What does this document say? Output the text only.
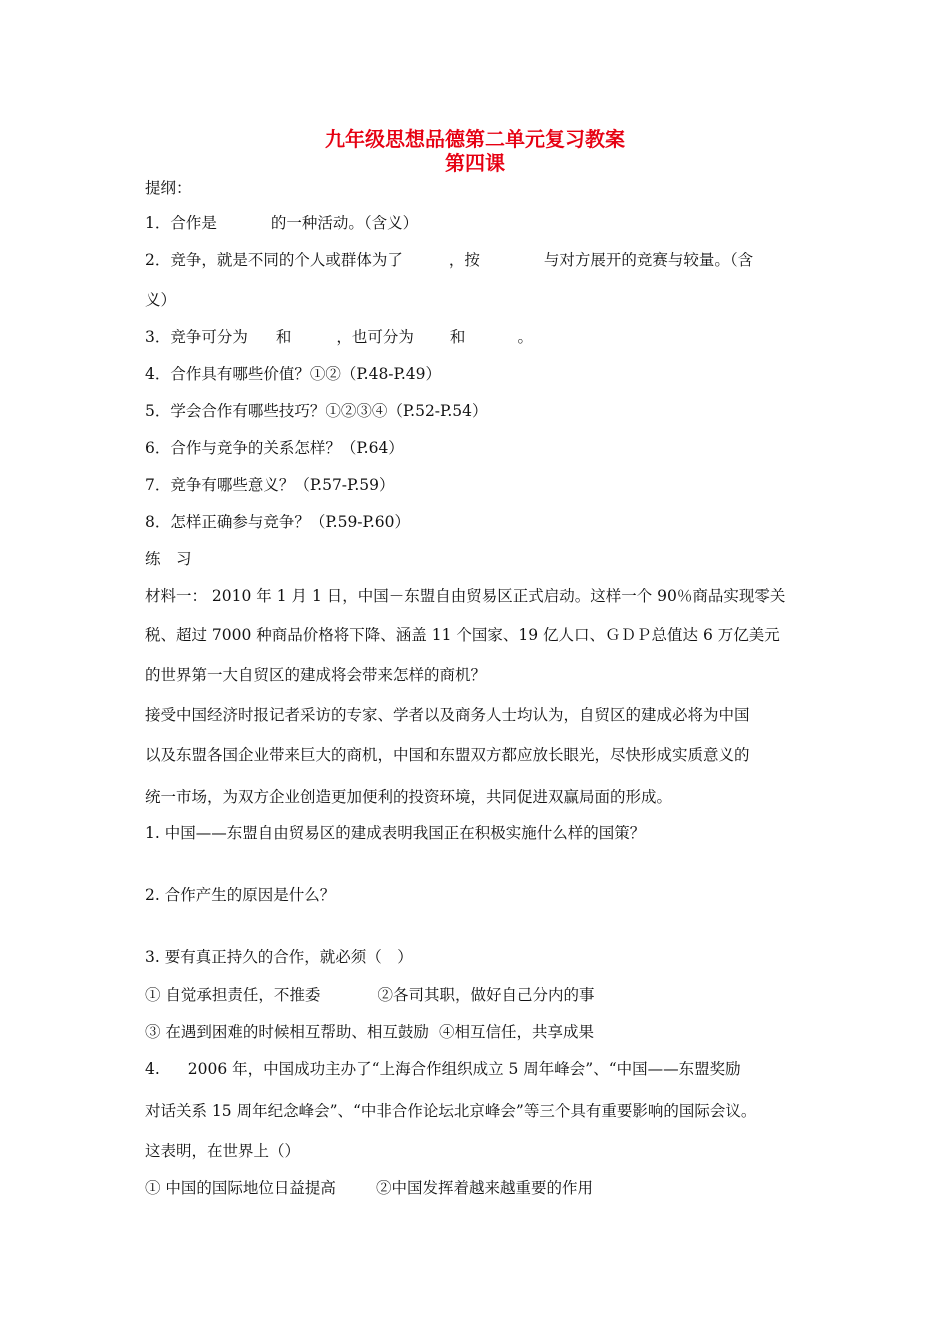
九年级思想品德第二单元复习教案
第四课
提纲：
1．合作是	的一种活动。（含义）
2．竞争，就是不同的个人或群体为了	，按	与对方展开的竞赛与较量。（含
义）
3．竞争可分为 和	，也可分为 和	。
4．合作具有哪些价值？①②（P.48-P.49）
5．学会合作有哪些技巧？①②③④（P.52-P.54）
6．合作与竞争的关系怎样？（P.64）
7．竞争有哪些意义？（P.57-P.59）
8．怎样正确参与竞争？（P.59-P.60）
练　习
材料一： 2010 年 1 月 1 日，中国－东盟自由贸易区正式启动。这样一个 90％商品实现零关
税、超过 7000 种商品价格将下降、涵盖 11 个国家、19 亿人口、ＧＤＰ总值达 6 万亿美元
的世界第一大自贸区的建成将会带来怎样的商机？
接受中国经济时报记者采访的专家、学者以及商务人士均认为，自贸区的建成必将为中国
以及东盟各国企业带来巨大的商机，中国和东盟双方都应放长眼光，尽快形成实质意义的
统一市场，为双方企业创造更加便利的投资环境，共同促进双赢局面的形成。
1. 中国——东盟自由贸易区的建成表明我国正在积极实施什么样的国策？
2. 合作产生的原因是什么？
3. 要有真正持久的合作，就必须（　）
① 自觉承担责任，不推委	②各司其职，做好自己分内的事
③ 在遇到困难的时候相互帮助、相互鼓励 ④相互信任，共享成果
4. 2006 年，中国成功主办了“上海合作组织成立 5 周年峰会”、“中国——东盟奖励
对话关系 15 周年纪念峰会”、“中非合作论坛北京峰会”等三个具有重要影响的国际会议。
这表明，在世界上（）
① 中国的国际地位日益提高	②中国发挥着越来越重要的作用
